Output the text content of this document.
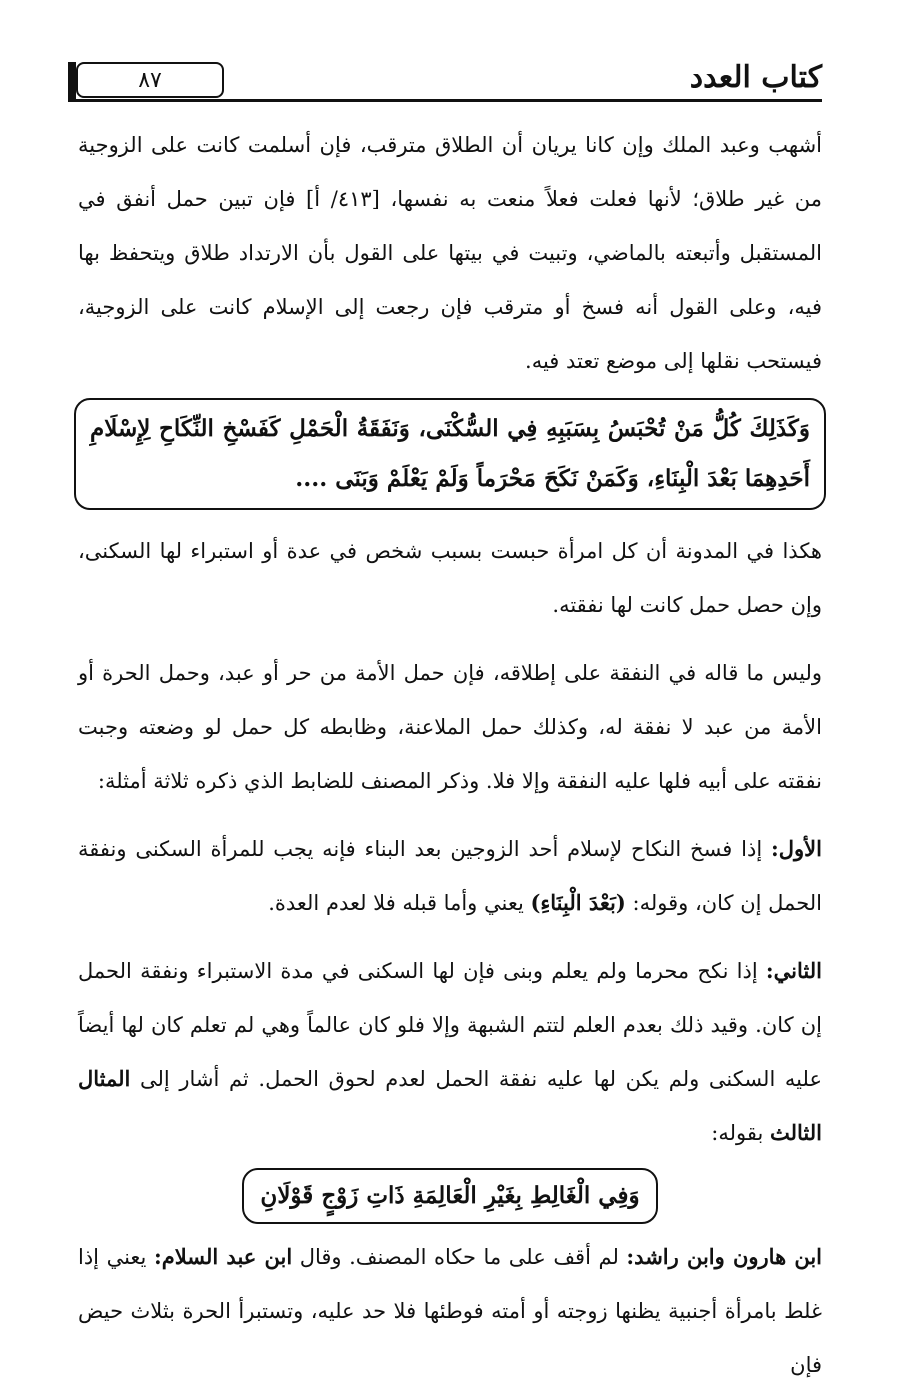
كتاب العدد
٨٧

أشهب وعبد الملك وإن كانا يريان أن الطلاق مترقب، فإن أسلمت كانت على الزوجية من غير طلاق؛ لأنها فعلت فعلاً منعت به نفسها، [٤١٣/ أ] فإن تبين حمل أنفق في المستقبل وأتبعته بالماضي، وتبيت في بيتها على القول بأن الارتداد طلاق ويتحفظ بها فيه، وعلى القول أنه فسخ أو مترقب فإن رجعت إلى الإسلام كانت على الزوجية، فيستحب نقلها إلى موضع تعتد فيه.

وَكَذَلِكَ كُلُّ مَنْ تُحْبَسُ بِسَبَبِهِ فِي السُّكْنَى، وَنَفَقَةُ الْحَمْلِ كَفَسْخِ النِّكَاحِ لِإِسْلَامِ أَحَدِهِمَا بَعْدَ الْبِنَاءِ، وَكَمَنْ نَكَحَ مَحْرَماً وَلَمْ يَعْلَمْ وَبَنَى ....

هكذا في المدونة أن كل امرأة حبست بسبب شخص في عدة أو استبراء لها السكنى، وإن حصل حمل كانت لها نفقته.

وليس ما قاله في النفقة على إطلاقه، فإن حمل الأمة من حر أو عبد، وحمل الحرة أو الأمة من عبد لا نفقة له، وكذلك حمل الملاعنة، وظابطه كل حمل لو وضعته وجبت نفقته على أبيه فلها عليه النفقة وإلا فلا. وذكر المصنف للضابط الذي ذكره ثلاثة أمثلة:

الأول: إذا فسخ النكاح لإسلام أحد الزوجين بعد البناء فإنه يجب للمرأة السكنى ونفقة الحمل إن كان، وقوله: (بَعْدَ الْبِنَاءِ) يعني وأما قبله فلا لعدم العدة.

الثاني: إذا نكح محرما ولم يعلم وبنى فإن لها السكنى في مدة الاستبراء ونفقة الحمل إن كان. وقيد ذلك بعدم العلم لتتم الشبهة وإلا فلو كان عالماً وهي لم تعلم كان لها أيضاً عليه السكنى ولم يكن لها عليه نفقة الحمل لعدم لحوق الحمل. ثم أشار إلى المثال الثالث بقوله:

وَفِي الْغَالِطِ بِغَيْرِ الْعَالِمَةِ ذَاتِ زَوْجٍ قَوْلَانِ

ابن هارون وابن راشد: لم أقف على ما حكاه المصنف. وقال ابن عبد السلام: يعني إذا غلط بامرأة أجنبية يظنها زوجته أو أمته فوطئها فلا حد عليه، وتستبرأ الحرة بثلاث حيض فإن
